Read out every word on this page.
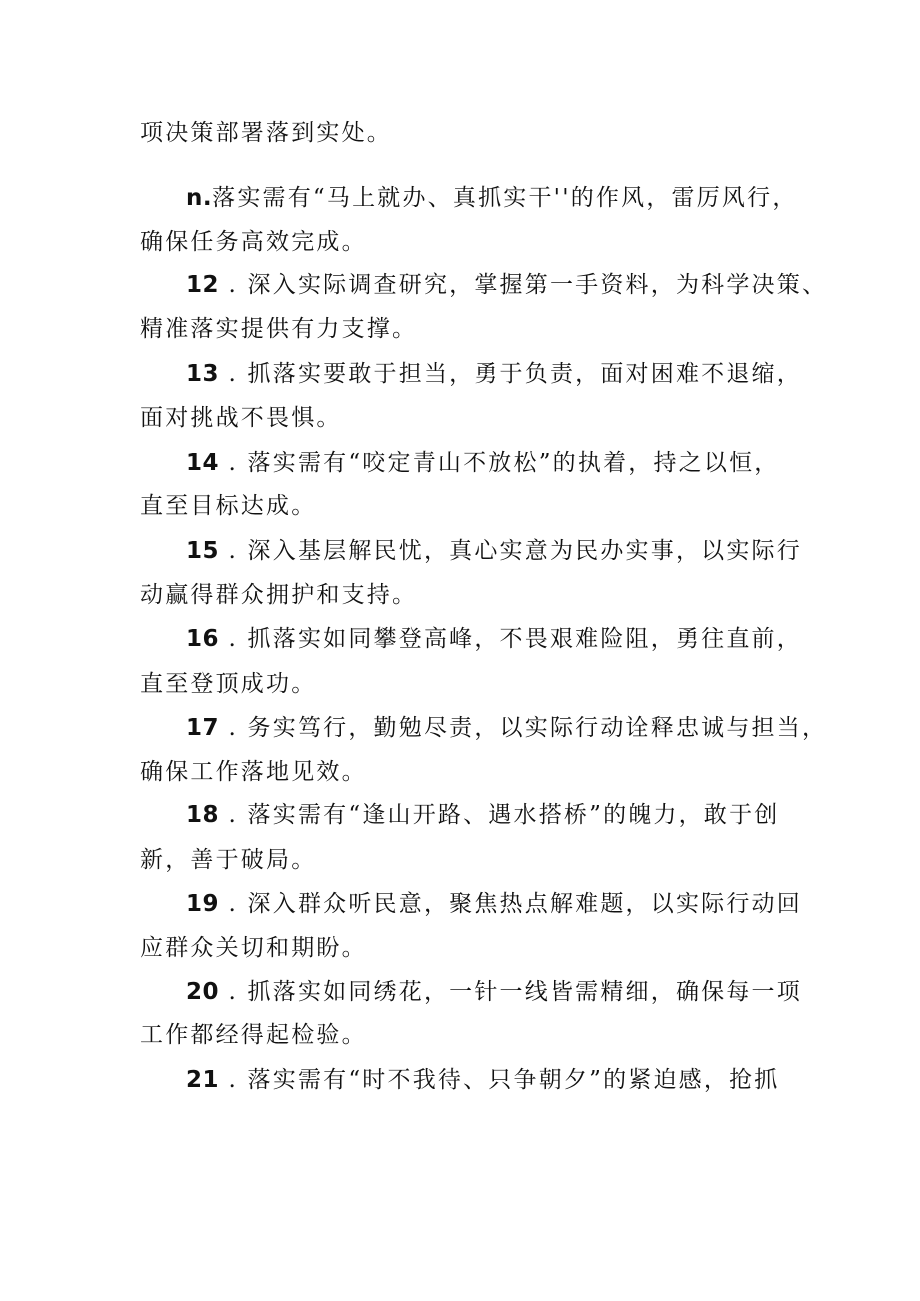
项决策部署落到实处。
n.落实需有“马上就办、真抓实干''的作风，雷厉风行，
确保任务高效完成。
12 . 深入实际调查研究，掌握第一手资料，为科学决策、
精准落实提供有力支撑。
13 . 抓落实要敢于担当，勇于负责，面对困难不退缩，
面对挑战不畏惧。
14 . 落实需有“咬定青山不放松”的执着，持之以恒，
直至目标达成。
15 . 深入基层解民忧，真心实意为民办实事，以实际行
动赢得群众拥护和支持。
16 . 抓落实如同攀登高峰，不畏艰难险阻，勇往直前，
直至登顶成功。
17 . 务实笃行，勤勉尽责，以实际行动诠释忠诚与担当，
确保工作落地见效。
18 . 落实需有“逢山开路、遇水搭桥”的魄力，敢于创
新，善于破局。
19 . 深入群众听民意，聚焦热点解难题，以实际行动回
应群众关切和期盼。
20 . 抓落实如同绣花，一针一线皆需精细，确保每一项
工作都经得起检验。
21 . 落实需有“时不我待、只争朝夕”的紧迫感，抢抓
